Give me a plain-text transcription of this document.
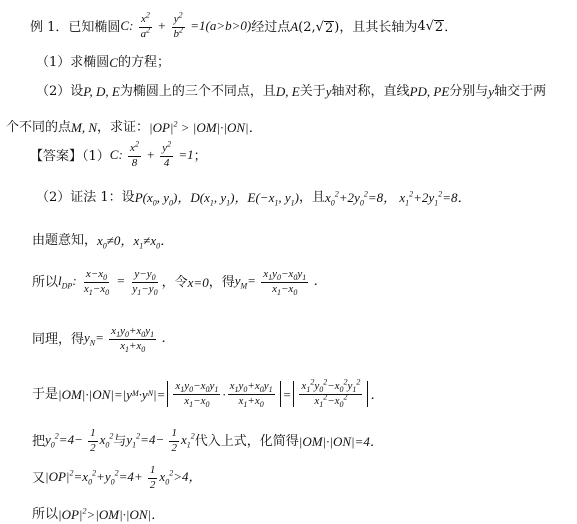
例 1．已知椭圆 C: $\frac{x^2}{a^2} + \frac{y^2}{b^2} =1(a>b>0)$ 经过点 A(2,√ 2 ) ，且其长轴为 4√ 2 ．
（1）求椭圆 C 的方程；
（2）设 P, D, E 为椭圆上的三个不同点，且 D, E 关于 y 轴对称，直线 PD, PE 分别与 y 轴交于两
个不同的点 M, N ，求证： $|OP|^2 > |OM|\cdot|ON|$．
【答案】（1） C: $\frac{x^2}{8} + \frac{y^2}{4} =1$ ；
（2）证法 1：设 $P(x_0$, $y_0$)，$D(x_1$, $y_1$)，$E(-x_1$, $y_1$) ，且 $x_0^2+2y_0^2=8$， $x_1^2+2y_1^2=8$．
由题意知， $x_0\ne 0$，$x_1\ne x_0$．
所以 $l_{DP}$: $\frac{x-x_0}{x_1-x_0} = \frac{y-y_0}{y_1-y_0}$ ，令 x=0 ，得 $y_M= \frac{x_1y_0-x_0y_1}{x_1-x_0}$ ．
同理，得 $y_N= \frac{x_1y_0+x_0y_1}{x_1+x_0}$ ．
于是 |OM| · |ON| = |y M · y N | = $\frac{x_1y_0-x_0y_1}{x_1-x_0} \cdot \frac{x_1y_0+x_0y_1}{x_1+x_0} = \frac{x_1^2y_0^2-x_0^2y_1^2}{x_1^2-x_0^2}$ ．
把 $y_0^2=4- \frac{1}{2} x_0^2$ 与 $y_1^2=4- \frac{1}{2} x_1^2$ 代入上式，化简得 |OM|·|ON|=4．
又 $|OP|^2=x_0^2+y_0^2=4+ \frac{1}{2} x_0^2>4$，
所以 $|OP|^2>|OM|\cdot|ON|$．
